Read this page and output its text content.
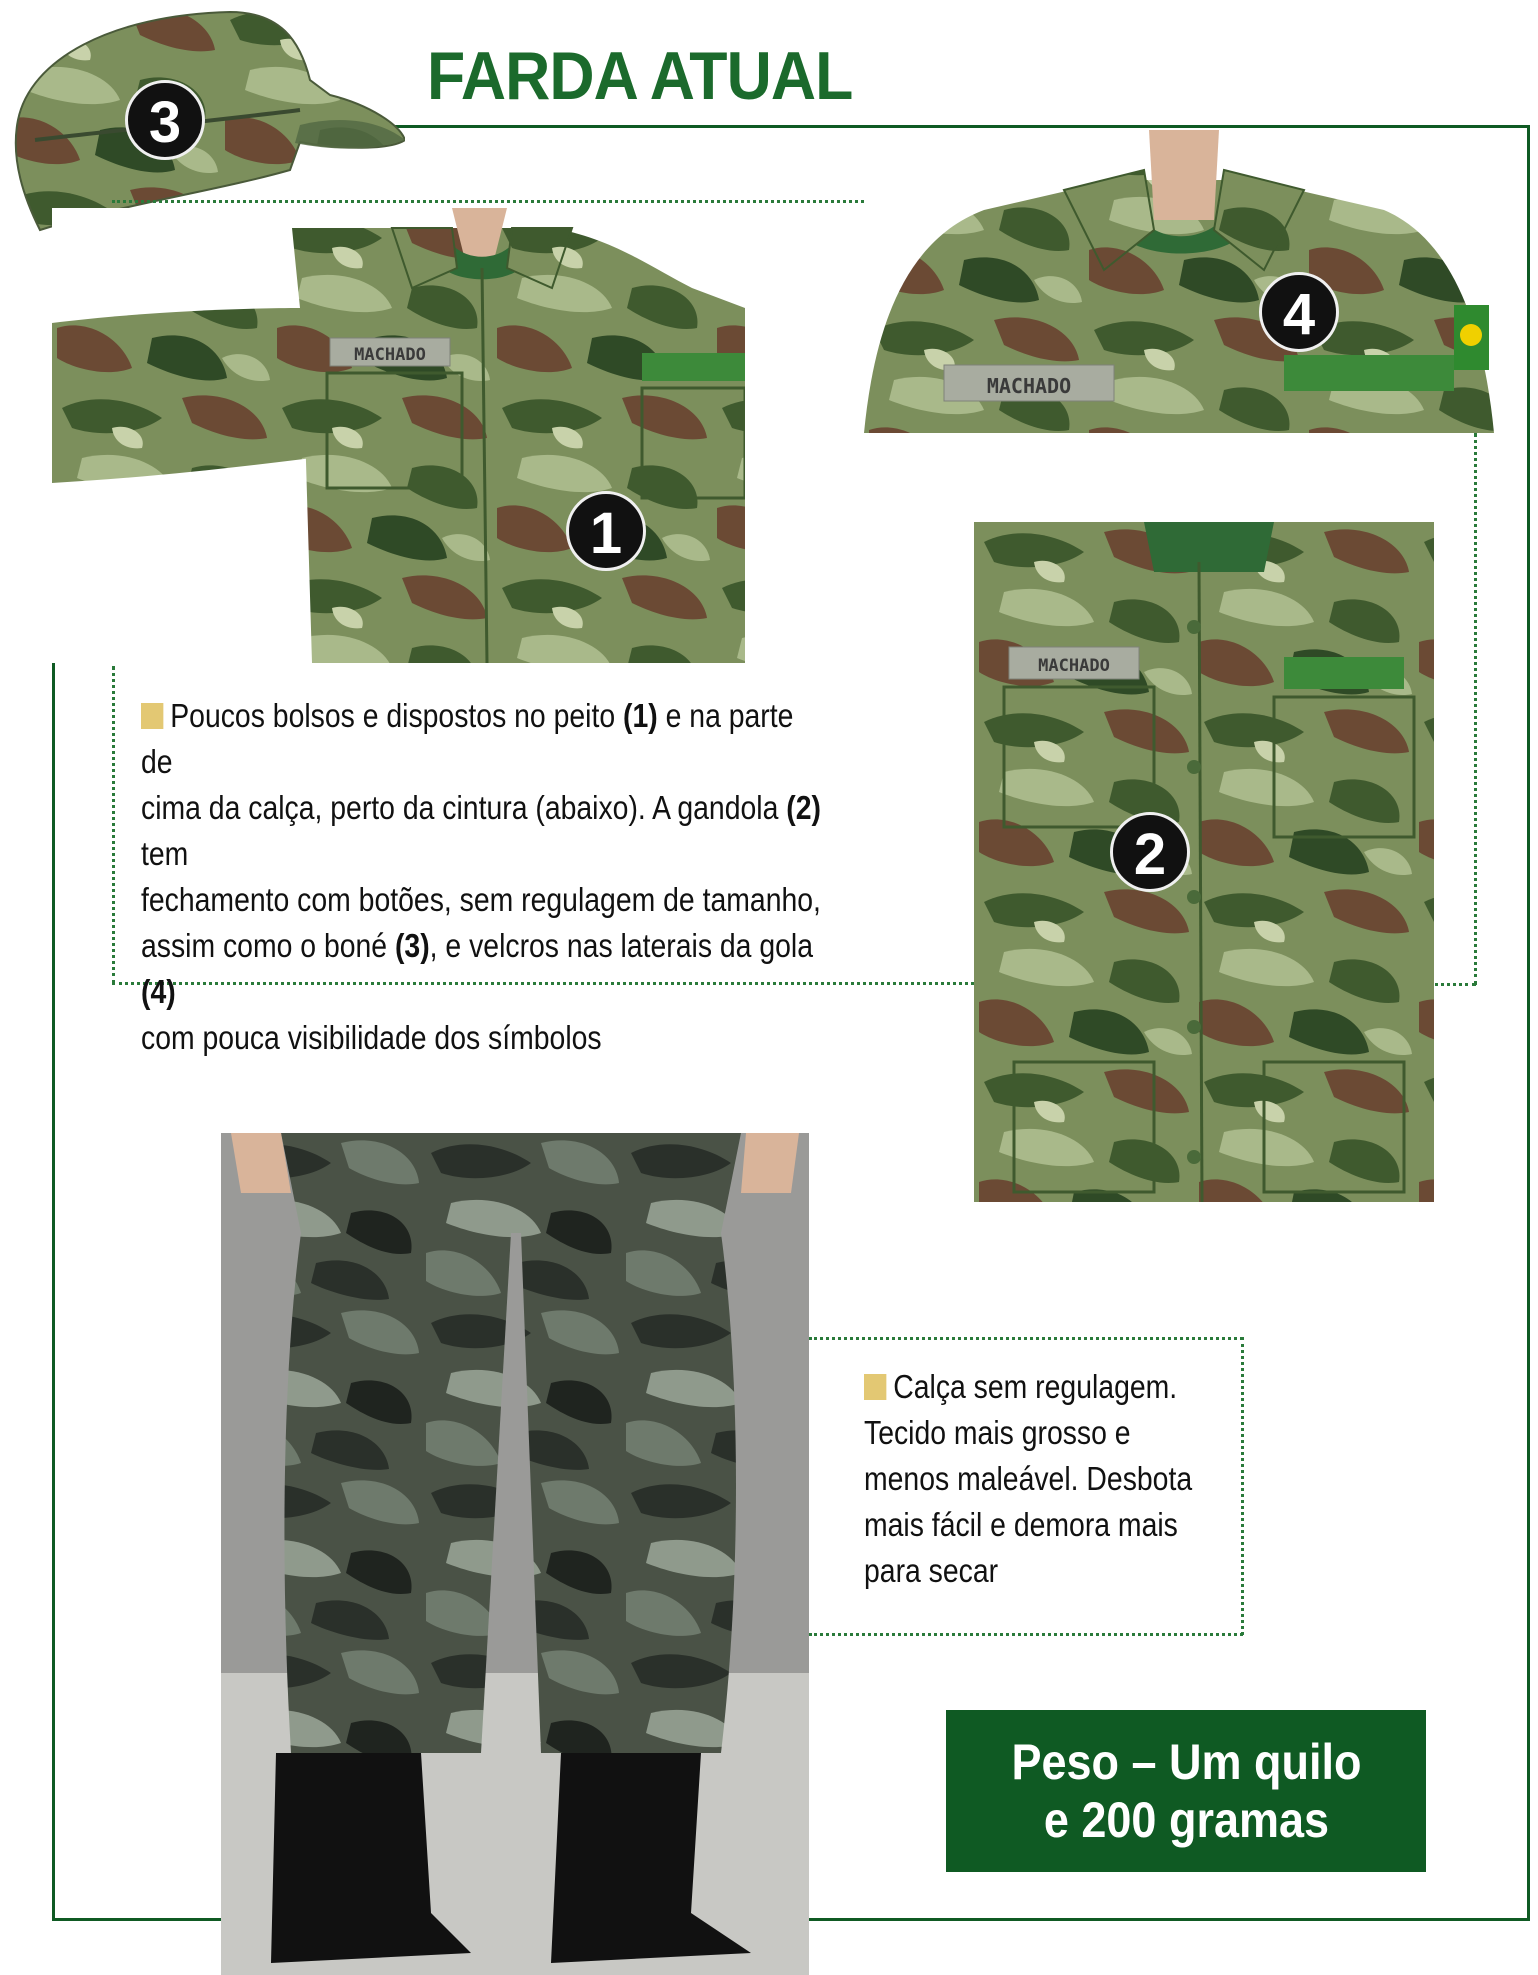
FARDA ATUAL
3
MACHADO
1
MACHADO
4
MACHADO
2
Poucos bolsos e dispostos no peito (1) e na parte de
cima da calça, perto da cintura (abaixo). A gandola (2) tem
fechamento com botões, sem regulagem de tamanho,
assim como o boné (3), e velcros nas laterais da gola (4)
com pouca visibilidade dos símbolos
Calça sem regulagem.
Tecido mais grosso e
menos maleável. Desbota
mais fácil e demora mais
para secar
Peso – Um quilo
e 200 gramas
